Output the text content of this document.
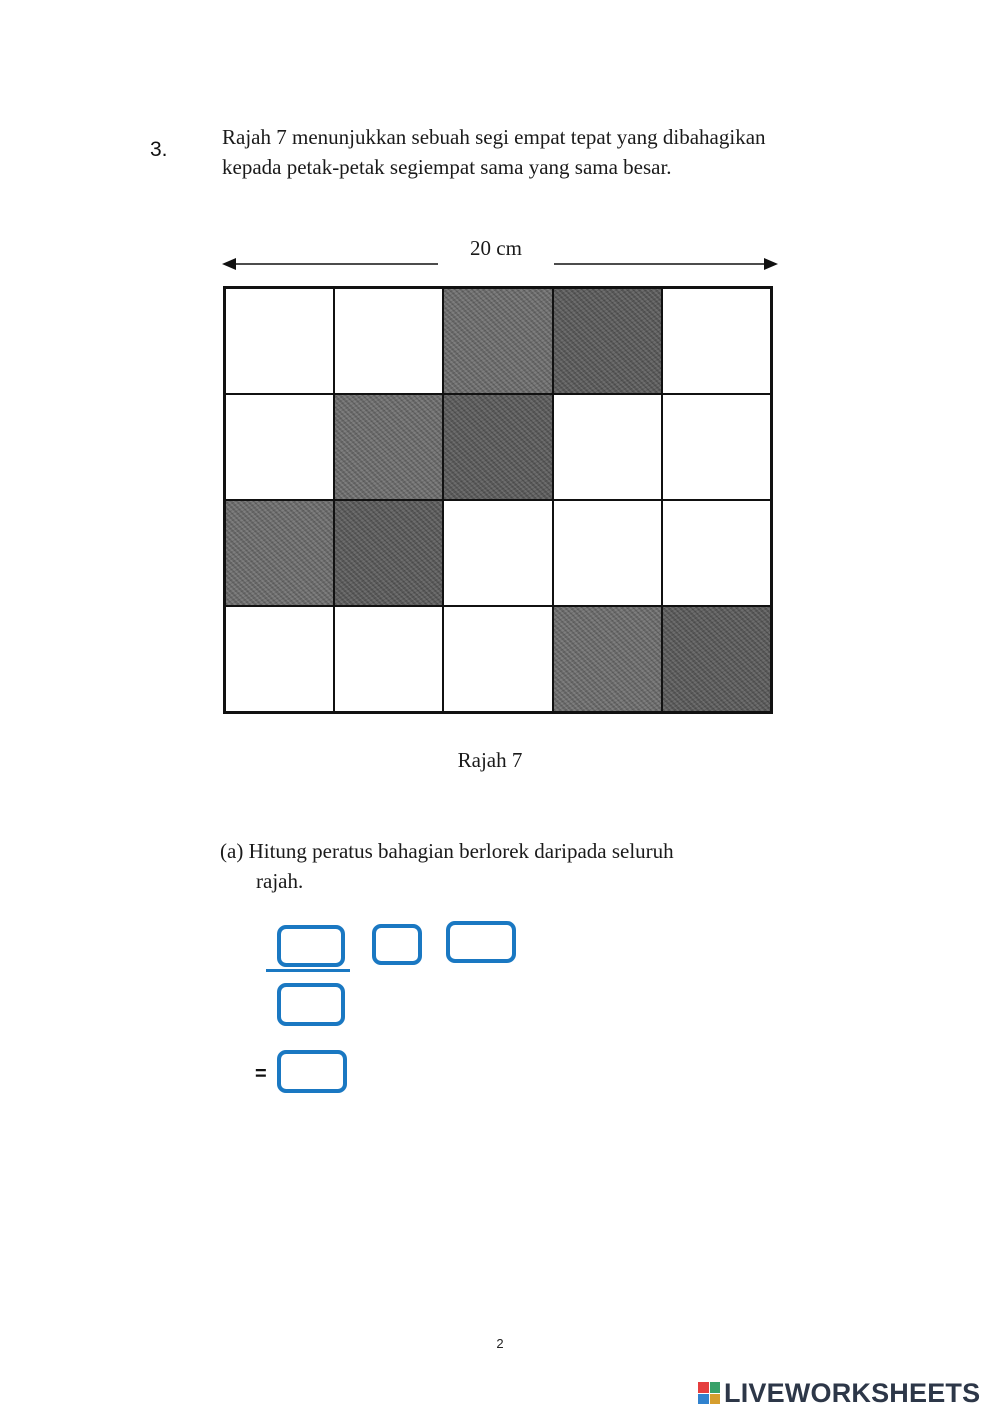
3.
Rajah 7 menunjukkan sebuah segi empat tepat yang dibahagikan kepada petak-petak segiempat sama yang sama besar.
20 cm
Rajah 7
(a) Hitung peratus bahagian berlorek daripada seluruh
rajah.
=
2
LIVEWORKSHEETS
